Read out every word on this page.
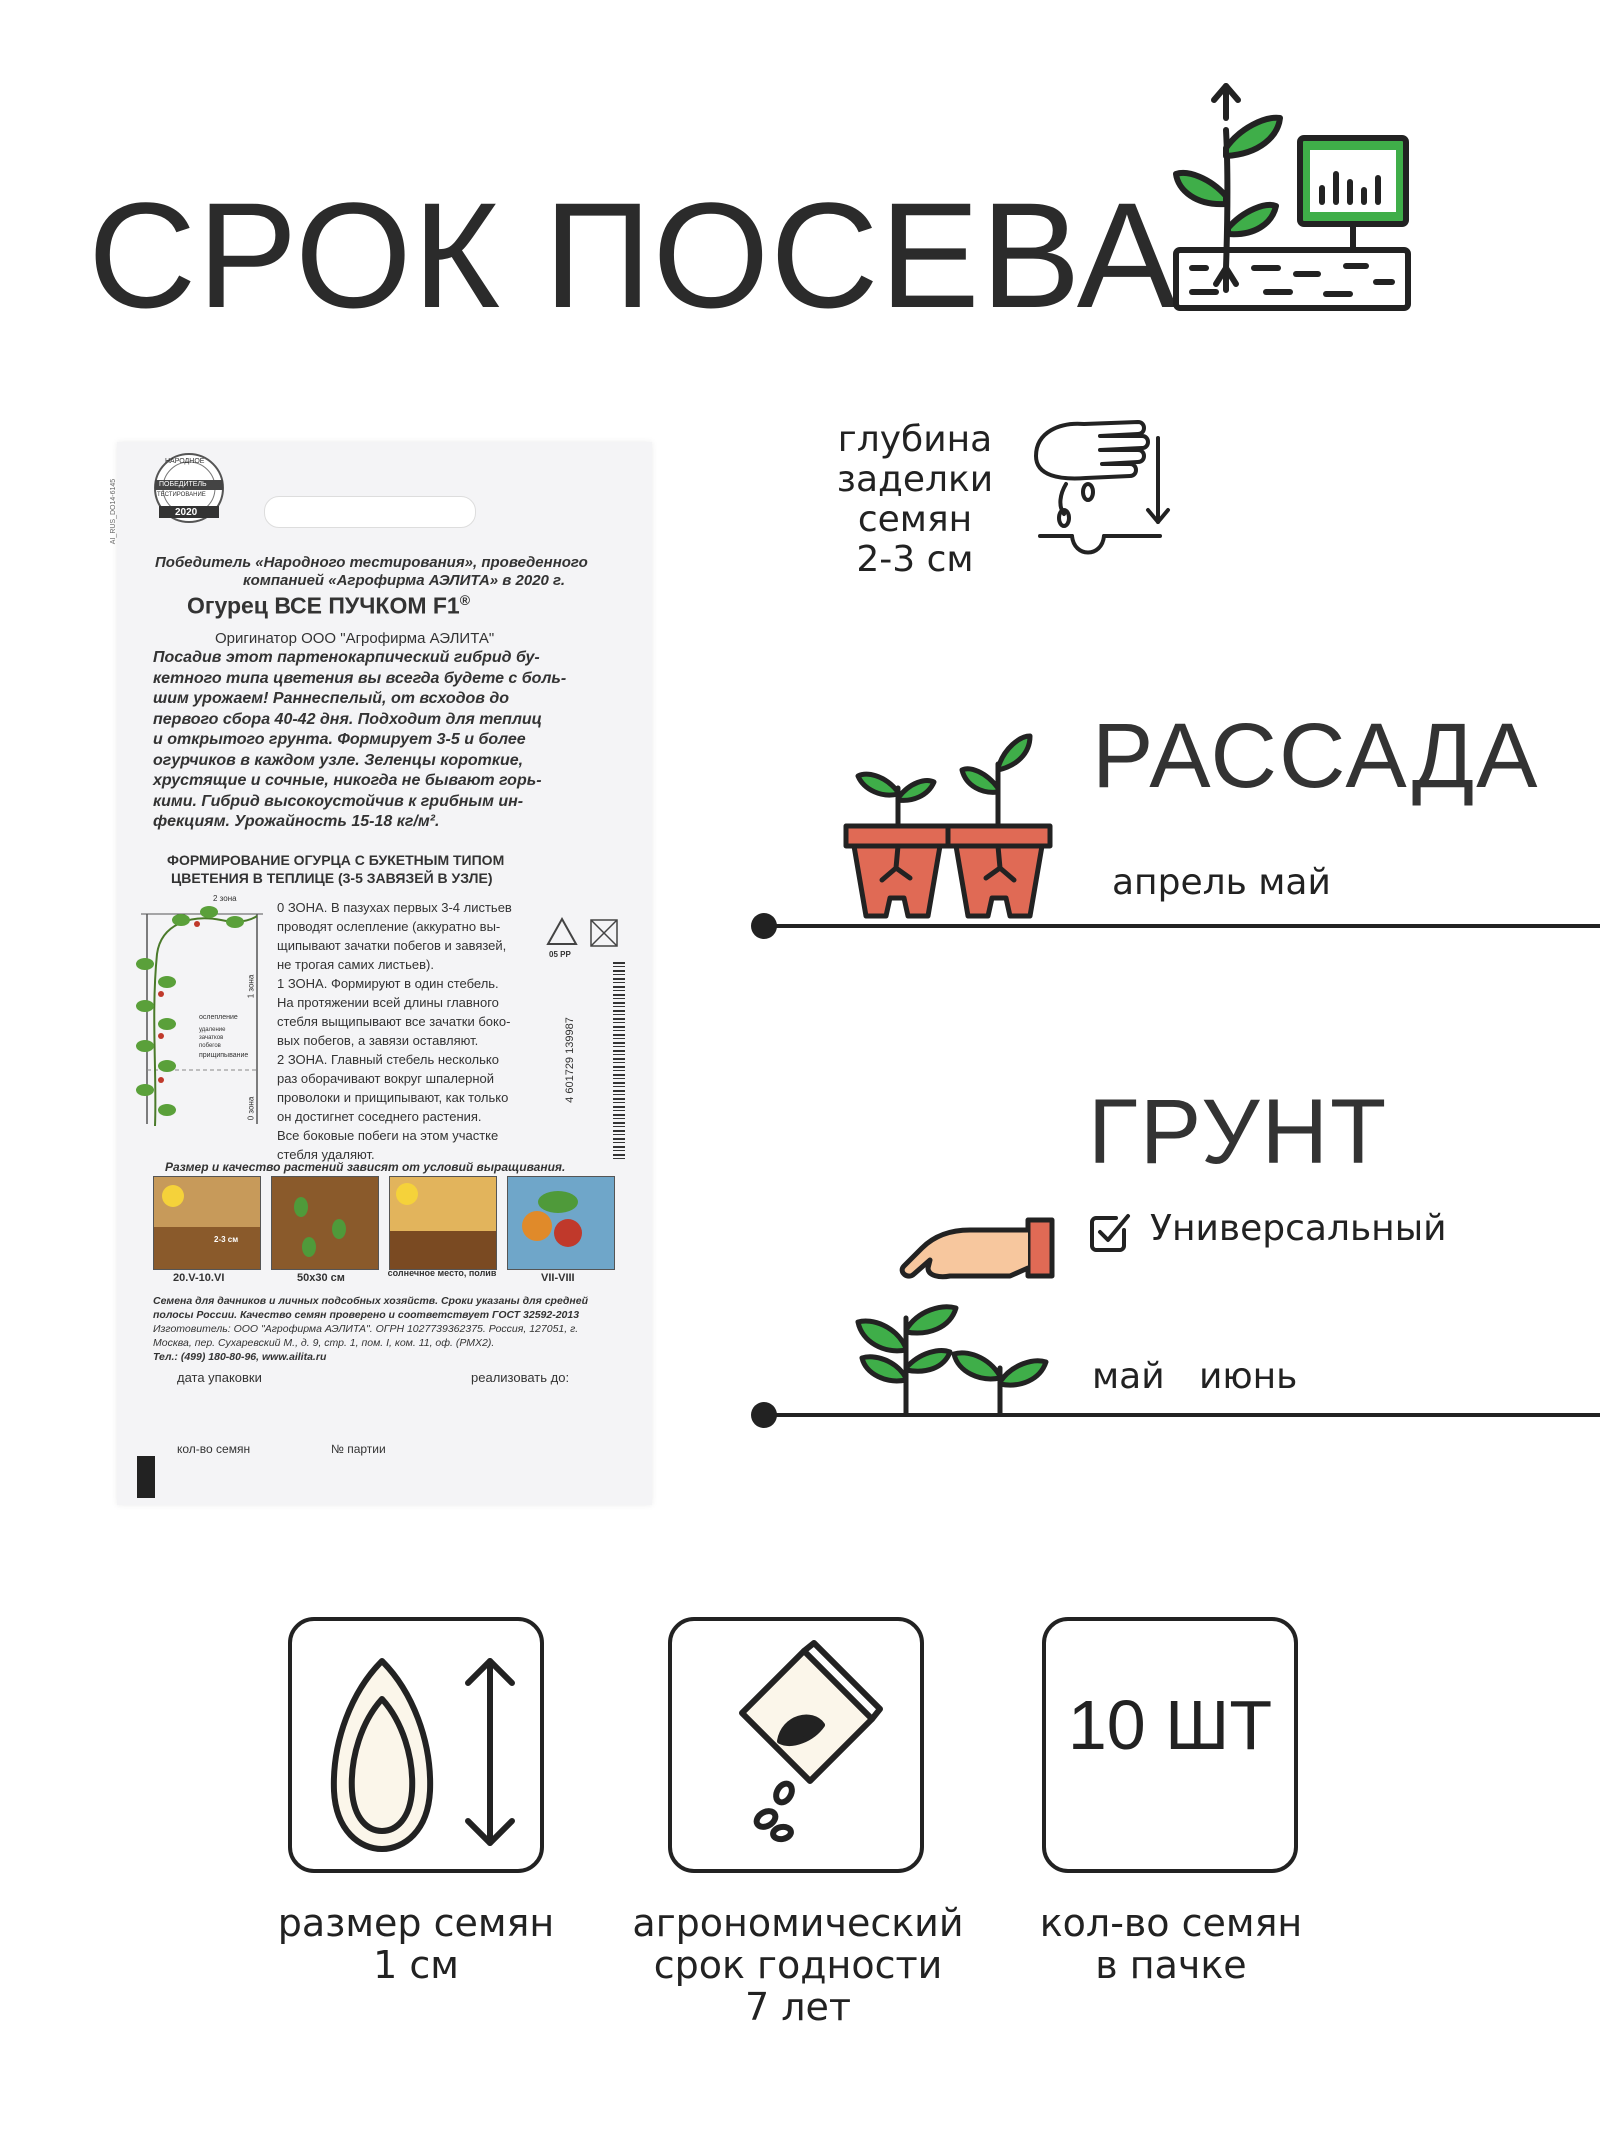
СРОК ПОСЕВА
НАРОДНОЕ
ПОБЕДИТЕЛЬ
ТЕСТИРОВАНИЕ
2020
AI_RUS_DO14-6145
Победитель «Народного тестирования», проведенного
компанией «Агрофирма АЭЛИТА» в 2020 г.
Огурец ВСЕ ПУЧКОМ F1®
Оригинатор ООО "Агрофирма АЭЛИТА"
Посадив этот партенокарпический гибрид бу-
кетного типа цветения вы всегда будете с боль-
шим урожаем! Раннеспелый, от всходов до
первого сбора 40-42 дня. Подходит для теплиц
и открытого грунта. Формирует 3-5 и более
огурчиков в каждом узле. Зеленцы короткие,
хрустящие и сочные, никогда не бывают горь-
кими. Гибрид высокоустойчив к грибным ин-
фекциям. Урожайность 15-18 кг/м².
ФОРМИРОВАНИЕ ОГУРЦА С БУКЕТНЫМ ТИПОМ
ЦВЕТЕНИЯ В ТЕПЛИЦЕ (3-5 ЗАВЯЗЕЙ В УЗЛЕ)
2 зона
1 зона
0 зона
ослепление
удаление зачатков побегов
прищипывание
0 ЗОНА. В пазухах первых 3-4 листьев
проводят ослепление (аккуратно вы-
щипывают зачатки побегов и завязей,
не трогая самих листьев).
1 ЗОНА. Формируют в один стебель.
На протяжении всей длины главного
стебля выщипывают все зачатки боко-
вых побегов, а завязи оставляют.
2 ЗОНА. Главный стебель несколько
раз оборачивают вокруг шпалерной
проволоки и прищипывают, как только
он достигнет соседнего растения.
Все боковые побеги на этом участке
стебля удаляют.
05 PP
4 601729 139987
Размер и качество растений зависят от условий выращивания.
2-3 см
20.V-10.VI	50x30 см	солнечное место, полив	VII-VIII
Семена для дачников и личных подсобных хозяйств. Сроки указаны для средней
полосы России. Качество семян проверено и соответствует ГОСТ 32592-2013
Изготовитель: ООО "Агрофирма АЭЛИТА". ОГРН 1027739362375. Россия, 127051, г.
Москва, пер. Сухаревский М., д. 9, стр. 1, пом. I, ком. 11, оф. (РМХ2).
Тел.: (499) 180-80-96, www.ailita.ru
дата упаковки	реализовать до:
кол-во семян	№ партии
глубина
заделки
семян
2-3 см
РАССАДА
апрель май
ГРУНТ
Универсальный
май   июнь
размер семян
1 см
агрономический
срок годности
7 лет
10 ШТ
кол-во семян
в пачке
